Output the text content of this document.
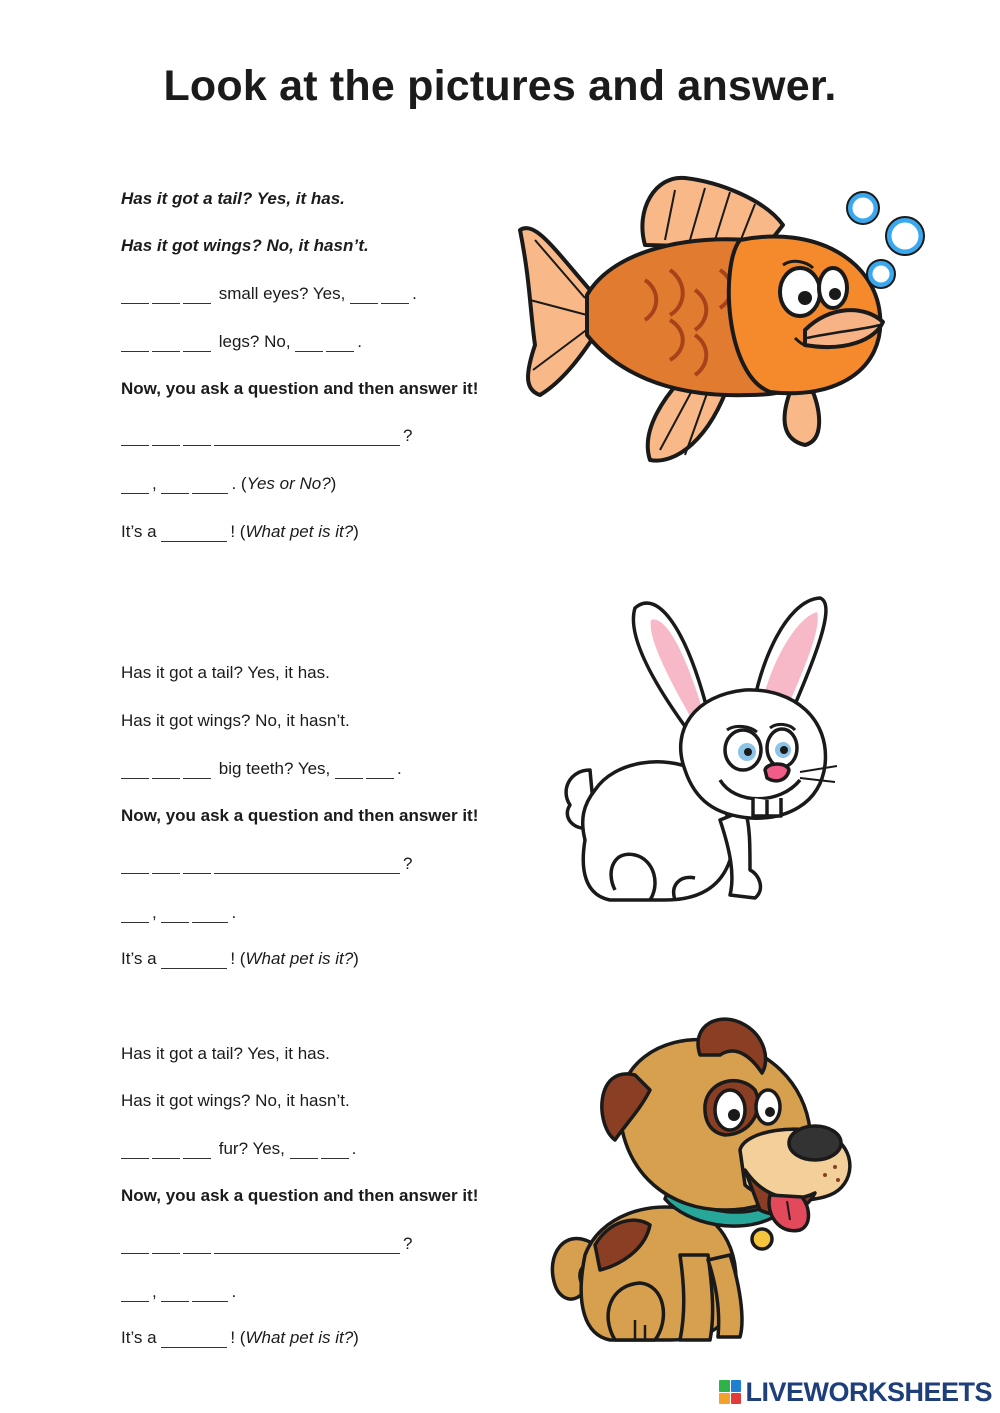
Look at the pictures and answer.
Has it got a tail? Yes, it has.
Has it got wings? No, it hasn’t.
small eyes? Yes,	.
legs? No,	.
Now, you ask a question and then answer it!
?
,	. (Yes or No?)
It’s a	! (What pet is it?)
Has it got a tail? Yes, it has.
Has it got wings? No, it hasn’t.
big teeth? Yes,	.
Now, you ask a question and then answer it!
?
,	.
It’s a	! (What pet is it?)
Has it got a tail? Yes, it has.
Has it got wings? No, it hasn’t.
fur? Yes,	.
Now, you ask a question and then answer it!
?
,	.
It’s a	! (What pet is it?)
LIVEWORKSHEETS
